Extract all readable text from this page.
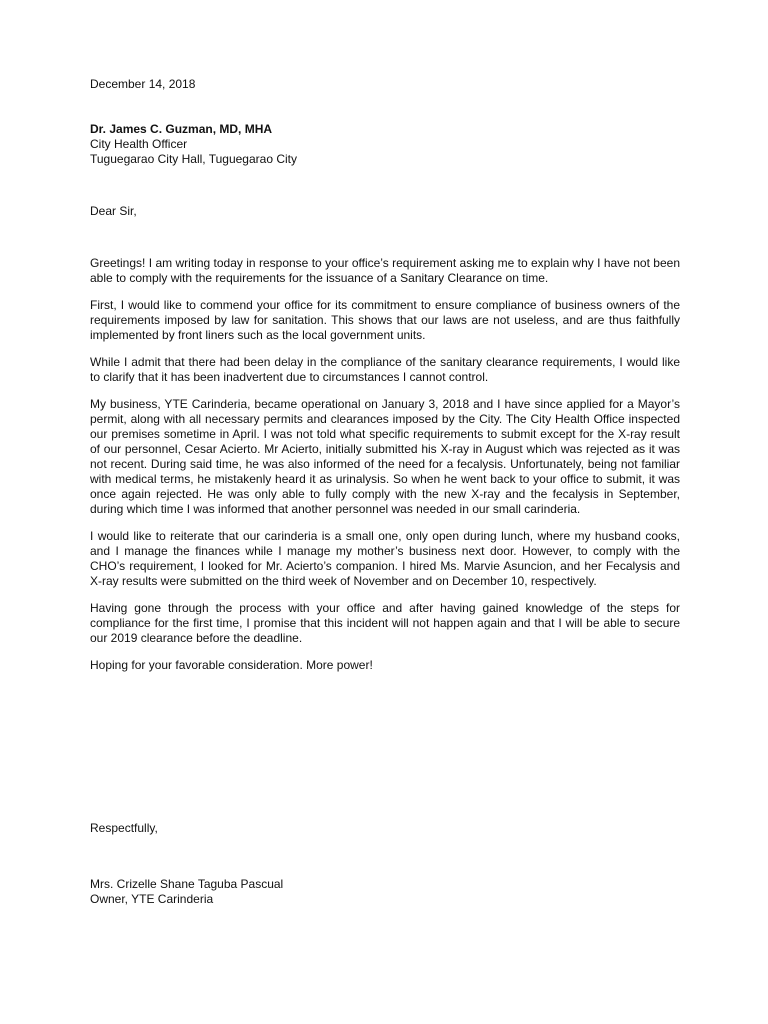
December 14, 2018
Dr. James C. Guzman, MD, MHA
City Health Officer
Tuguegarao City Hall, Tuguegarao City
Dear Sir,

Greetings! I am writing today in response to your office’s requirement asking me to explain why I have not been able to comply with the requirements for the issuance of a Sanitary Clearance on time.

First, I would like to commend your office for its commitment to ensure compliance of business owners of the requirements imposed by law for sanitation. This shows that our laws are not useless, and are thus faithfully implemented by front liners such as the local government units.

While I admit that there had been delay in the compliance of the sanitary clearance requirements, I would like to clarify that it has been inadvertent due to circumstances I cannot control.

My business, YTE Carinderia, became operational on January 3, 2018 and I have since applied for a Mayor’s permit, along with all necessary permits and clearances imposed by the City. The City Health Office inspected our premises sometime in April. I was not told what specific requirements to submit except for the X-ray result of our personnel, Cesar Acierto. Mr Acierto, initially submitted his X-ray in August which was rejected as it was not recent. During said time, he was also informed of the need for a fecalysis. Unfortunately, being not familiar with medical terms, he mistakenly heard it as urinalysis. So when he went back to your office to submit, it was once again rejected. He was only able to fully comply with the new X-ray and the fecalysis in September, during which time I was informed that another personnel was needed in our small carinderia.

I would like to reiterate that our carinderia is a small one, only open during lunch, where my husband cooks, and I manage the finances while I manage my mother’s business next door. However, to comply with the CHO’s requirement, I looked for Mr. Acierto’s companion. I hired Ms. Marvie Asuncion, and her Fecalysis and X-ray results were submitted on the third week of November and on December 10, respectively.

Having gone through the process with your office and after having gained knowledge of the steps for compliance for the first time, I promise that this incident will not happen again and that I will be able to secure our 2019 clearance before the deadline.

Hoping for your favorable consideration. More power!

Respectfully,
Mrs. Crizelle Shane Taguba Pascual
Owner, YTE Carinderia
